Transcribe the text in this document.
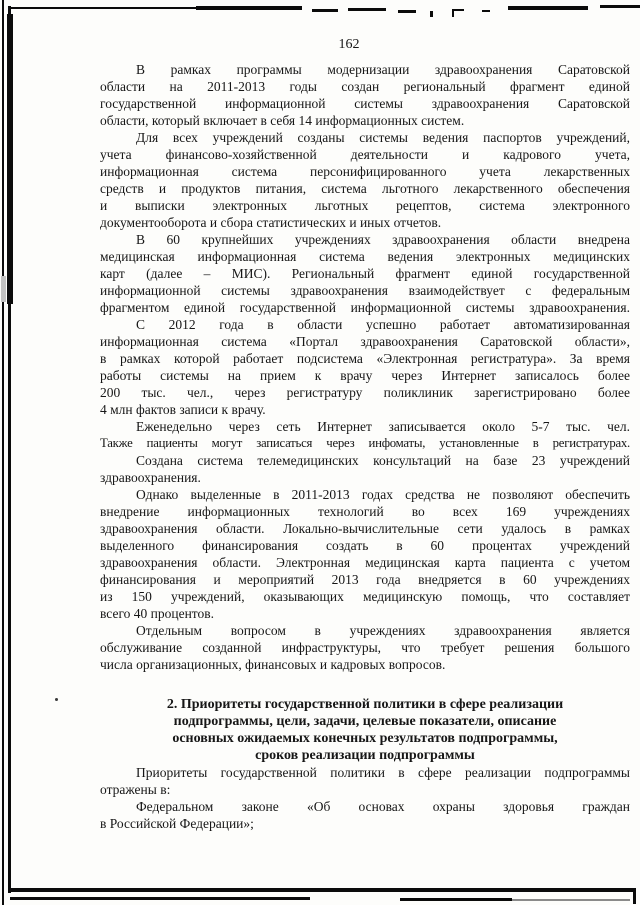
162
В рамках программы модернизации здравоохранения Саратовской
области на 2011-2013 годы создан региональный фрагмент единой
государственной информационной системы здравоохранения Саратовской
области, который включает в себя 14 информационных систем.
Для всех учреждений созданы системы ведения паспортов учреждений,
учета финансово-хозяйственной деятельности и кадрового учета,
информационная система персонифицированного учета лекарственных
средств и продуктов питания, система льготного лекарственного обеспечения
и выписки электронных льготных рецептов, система электронного
документооборота и сбора статистических и иных отчетов.
В 60 крупнейших учреждениях здравоохранения области внедрена
медицинская информационная система ведения электронных медицинских
карт (далее – МИС). Региональный фрагмент единой государственной
информационной системы здравоохранения взаимодействует с федеральным
фрагментом единой государственной информационной системы здравоохранения.
С 2012 года в области успешно работает автоматизированная
информационная система «Портал здравоохранения Саратовской области»,
в рамках которой работает подсистема «Электронная регистратура». За время
работы системы на прием к врачу через Интернет записалось более
200 тыс. чел., через регистратуру поликлиник зарегистрировано более
4 млн фактов записи к врачу.
Еженедельно через сеть Интернет записывается около 5-7 тыс. чел.
Также пациенты могут записаться через инфоматы, установленные в регистратурах.
Создана система телемедицинских консультаций на базе 23 учреждений
здравоохранения.
Однако выделенные в 2011-2013 годах средства не позволяют обеспечить
внедрение информационных технологий во всех 169 учреждениях
здравоохранения области. Локально-вычислительные сети удалось в рамках
выделенного финансирования создать в 60 процентах учреждений
здравоохранения области. Электронная медицинская карта пациента с учетом
финансирования и мероприятий 2013 года внедряется в 60 учреждениях
из 150 учреждений, оказывающих медицинскую помощь, что составляет
всего 40 процентов.
Отдельным вопросом в учреждениях здравоохранения является
обслуживание созданной инфраструктуры, что требует решения большого
числа организационных, финансовых и кадровых вопросов.
2. Приоритеты государственной политики в сфере реализации
подпрограммы, цели, задачи, целевые показатели, описание
основных ожидаемых конечных результатов подпрограммы,
сроков реализации подпрограммы
Приоритеты государственной политики в сфере реализации подпрограммы
отражены в:
Федеральном законе «Об основах охраны здоровья граждан
в Российской Федерации»;
